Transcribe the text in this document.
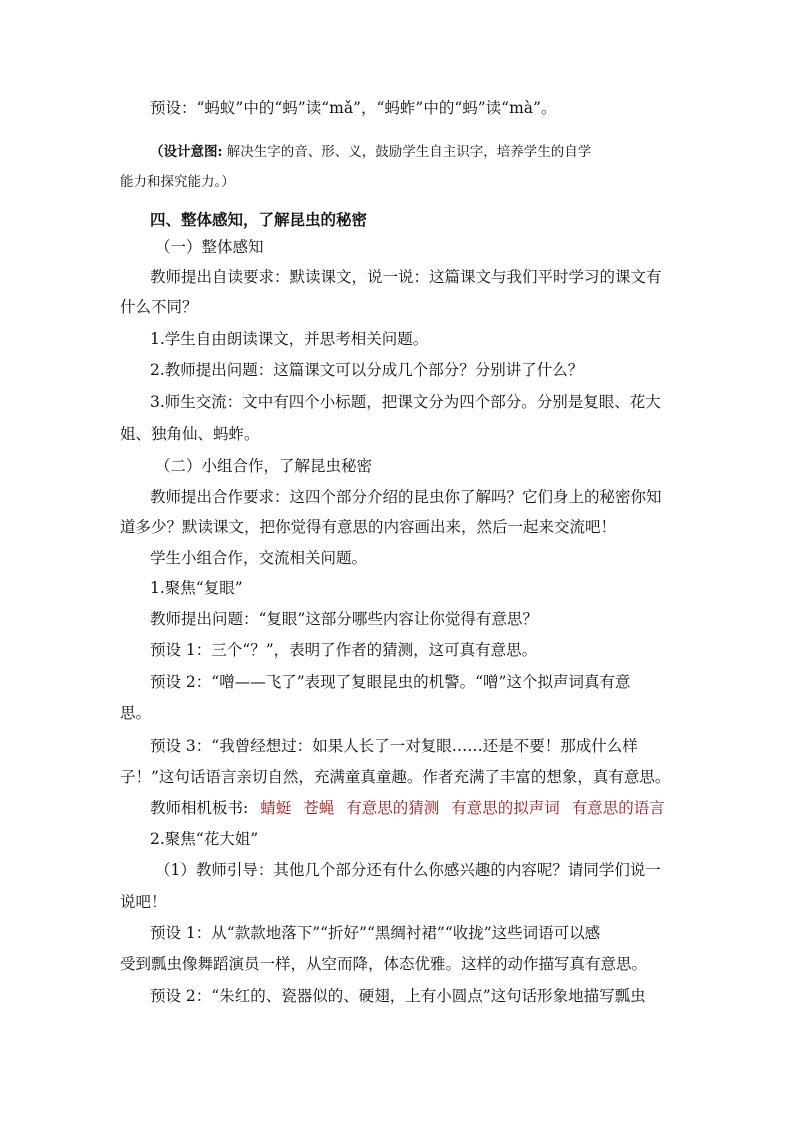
预设：“蚂蚁”中的“蚂”读“mǎ”，“蚂蚱”中的“蚂”读“mà”。
（设计意图: 解决生字的音、形、义，鼓励学生自主识字，培养学生的自学
能力和探究能力。）
四、整体感知，了解昆虫的秘密
（一）整体感知
教师提出自读要求：默读课文，说一说：这篇课文与我们平时学习的课文有
什么不同？
1.学生自由朗读课文，并思考相关问题。
2.教师提出问题：这篇课文可以分成几个部分？分别讲了什么？
3.师生交流：文中有四个小标题，把课文分为四个部分。分别是复眼、花大
姐、独角仙、蚂蚱。
（二）小组合作，了解昆虫秘密
教师提出合作要求：这四个部分介绍的昆虫你了解吗？它们身上的秘密你知
道多少？默读课文，把你觉得有意思的内容画出来，然后一起来交流吧！
学生小组合作，交流相关问题。
1.聚焦“复眼”
教师提出问题：“复眼”这部分哪些内容让你觉得有意思？
预设 1：三个“？”，表明了作者的猜测，这可真有意思。
预设 2：“噌——飞了”表现了复眼昆虫的机警。“噌”这个拟声词真有意
思。
预设 3：“我曾经想过：如果人长了一对复眼……还是不要！那成什么样
子！”这句话语言亲切自然，充满童真童趣。作者充满了丰富的想象，真有意思。
教师相机板书: 蜻蜓 苍蝇 有意思的猜测 有意思的拟声词 有意思的语言
2.聚焦“花大姐”
（1）教师引导：其他几个部分还有什么你感兴趣的内容呢？请同学们说一
说吧！
预设 1：从“款款地落下”“折好”“黑绸衬裙”“收拢”这些词语可以感
受到瓢虫像舞蹈演员一样，从空而降，体态优雅。这样的动作描写真有意思。
预设 2：“朱红的、瓷器似的、硬翅，上有小圆点”这句话形象地描写瓢虫
